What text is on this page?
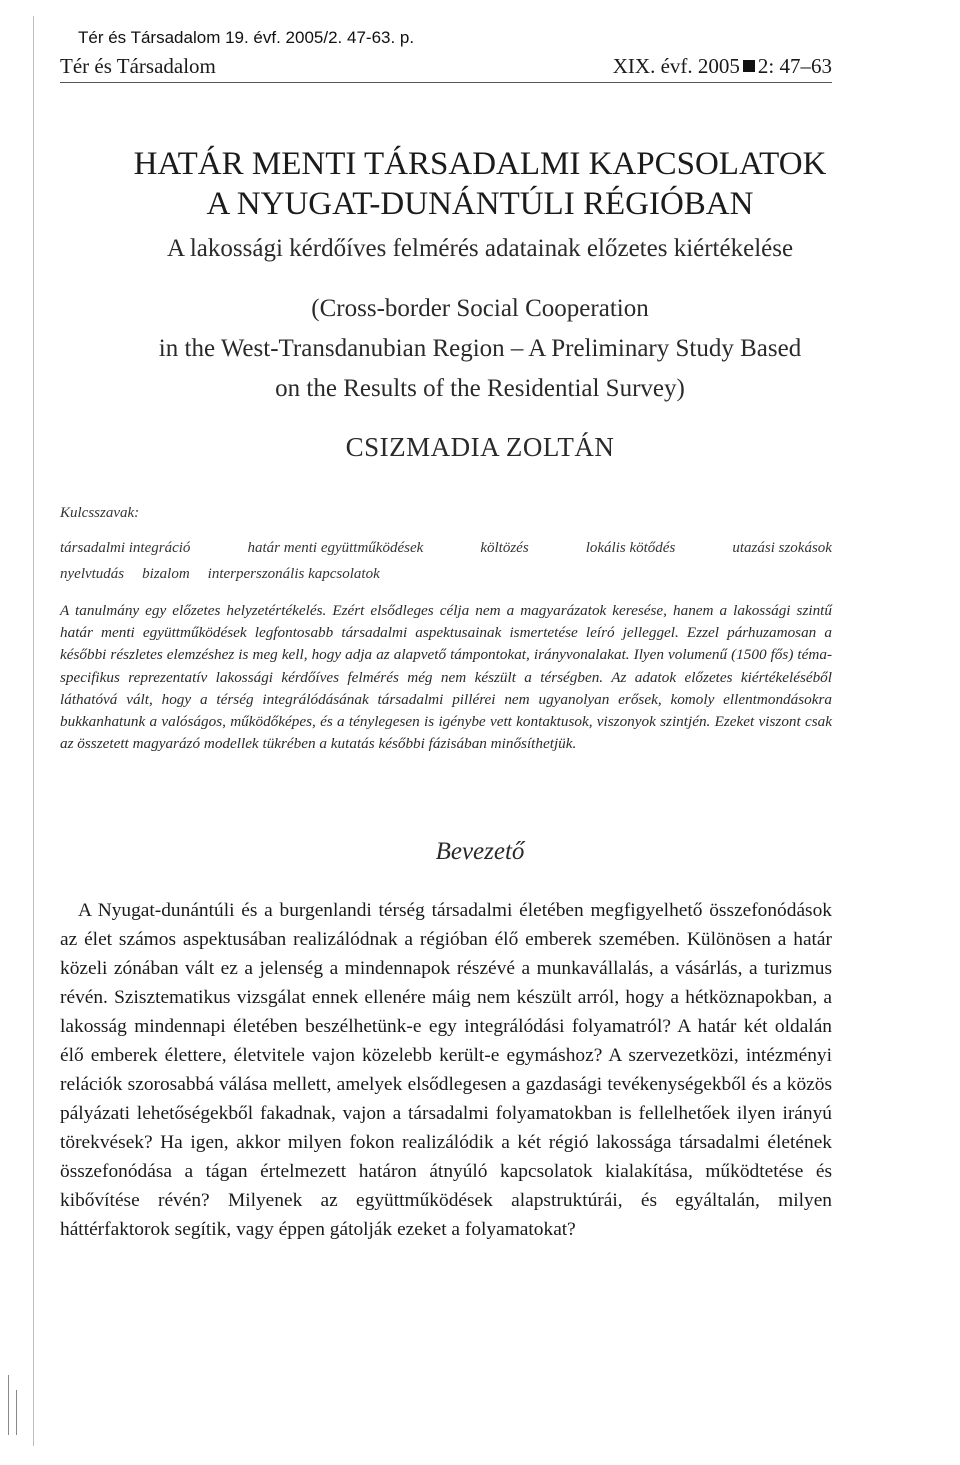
Tér és Társadalom 19. évf. 2005/2. 47-63. p.
Tér és Társadalom	XIX. évf. 2005 2: 47–63
HATÁR MENTI TÁRSADALMI KAPCSOLATOK
A NYUGAT-DUNÁNTÚLI RÉGIÓBAN
A lakossági kérdőíves felmérés adatainak előzetes kiértékelése
(Cross-border Social Cooperation
in the West-Transdanubian Region – A Preliminary Study Based
on the Results of the Residential Survey)
CSIZMADIA ZOLTÁN
Kulcsszavak:
társadalmi integráció	határ menti együttműködések	költözés	lokális kötődés	utazási szokások
nyelvtudás bizalom interperszonális kapcsolatok
A tanulmány egy előzetes helyzetértékelés. Ezért elsődleges célja nem a magyarázatok keresése, hanem a lakossági szintű határ menti együttműködések legfontosabb társadalmi aspektusainak ismertetése leíró jelleggel. Ezzel párhuzamosan a későbbi részletes elemzéshez is meg kell, hogy adja az alapvető támpontokat, irányvonalakat. Ilyen volumenű (1500 fős) téma-specifikus reprezentatív lakossági kérdőíves felmérés még nem készült a térségben. Az adatok előzetes kiértékeléséből láthatóvá vált, hogy a térség integrálódásának társadalmi pillérei nem ugyanolyan erősek, komoly ellentmondásokra bukkanhatunk a valóságos, működőképes, és a ténylegesen is igénybe vett kontaktusok, viszonyok szintjén. Ezeket viszont csak az összetett magyarázó modellek tükrében a kutatás későbbi fázisában minősíthetjük.
Bevezető

A Nyugat-dunántúli és a burgenlandi térség társadalmi életében megfigyelhető összefonódások az élet számos aspektusában realizálódnak a régióban élő emberek szemében. Különösen a határ közeli zónában vált ez a jelenség a mindennapok részévé a munkavállalás, a vásárlás, a turizmus révén. Szisztematikus vizsgálat ennek ellenére máig nem készült arról, hogy a hétköznapokban, a lakosság mindennapi életében beszélhetünk-e egy integrálódási folyamatról? A határ két oldalán élő emberek élettere, életvitele vajon közelebb került-e egymáshoz? A szervezetközi, intézményi relációk szorosabbá válása mellett, amelyek elsődlegesen a gazdasági tevékenységekből és a közös pályázati lehetőségekből fakadnak, vajon a társadalmi folyamatokban is fellelhetőek ilyen irányú törekvések? Ha igen, akkor milyen fokon realizálódik a két régió lakossága társadalmi életének összefonódása a tágan értelmezett határon átnyúló kapcsolatok kialakítása, működtetése és kibővítése révén? Milyenek az együttműködések alapstruktúrái, és egyáltalán, milyen háttérfaktorok segítik, vagy éppen gátolják ezeket a folyamatokat?
